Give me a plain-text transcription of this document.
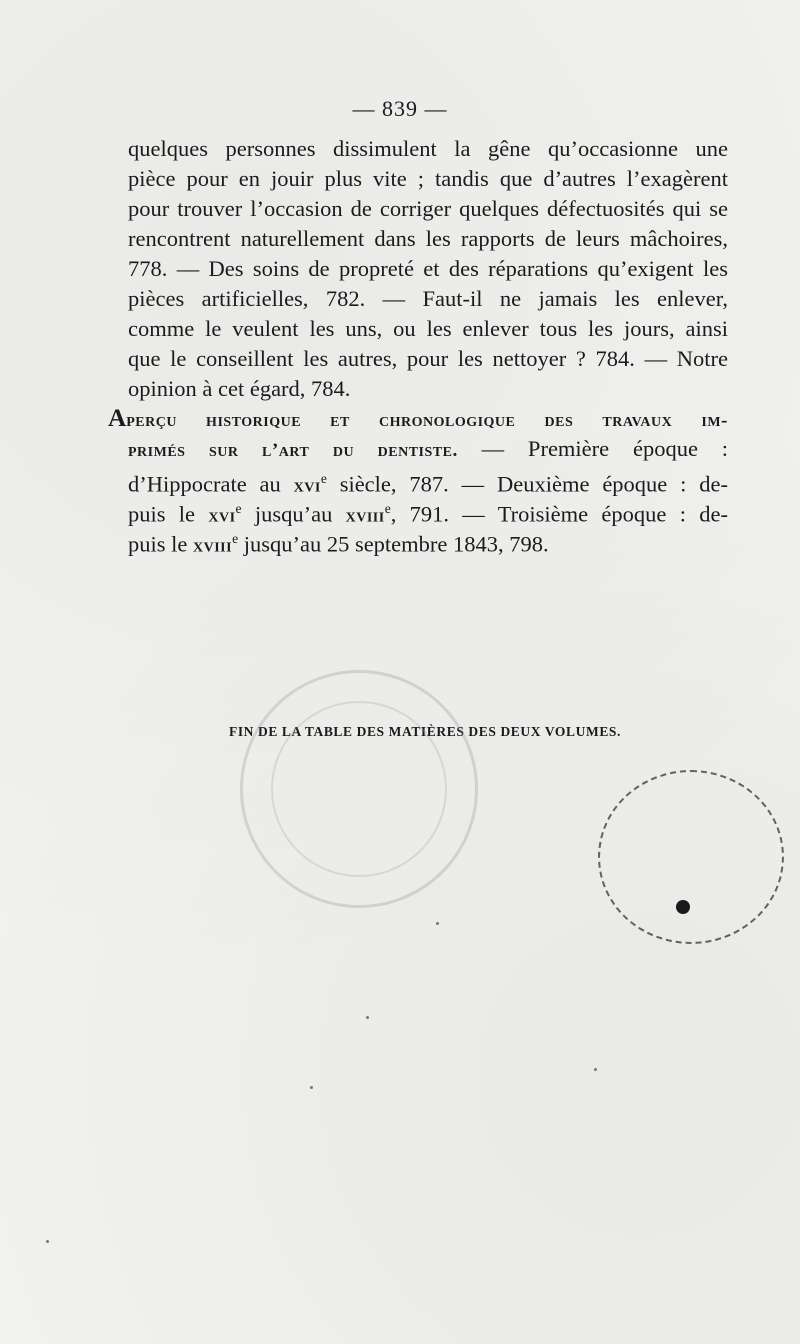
— 839 —
quelques personnes dissimulent la gêne qu’occasionne une
pièce pour en jouir plus vite ; tandis que d’autres l’exagèrent
pour trouver l’occasion de corriger quelques défectuosités qui se
rencontrent naturellement dans les rapports de leurs mâchoires,
778. — Des soins de propreté et des réparations qu’exigent les
pièces artificielles, 782. — Faut-il ne jamais les enlever,
comme le veulent les uns, ou les enlever tous les jours, ainsi
que le conseillent les autres, pour les nettoyer ? 784. — Notre
opinion à cet égard, 784.
Aperçu historique et chronologique des travaux im-
primés sur l’art du dentiste. — Première époque :
d’Hippocrate au xvi$^e$ siècle, 787. — Deuxième époque : de-
puis le xvi$^e$ jusqu’au xviii$^e$, 791. — Troisième époque : de-
puis le xviii$^e$ jusqu’au 25 septembre 1843, 798.
FIN DE LA TABLE DES MATIÈRES DES DEUX VOLUMES.
